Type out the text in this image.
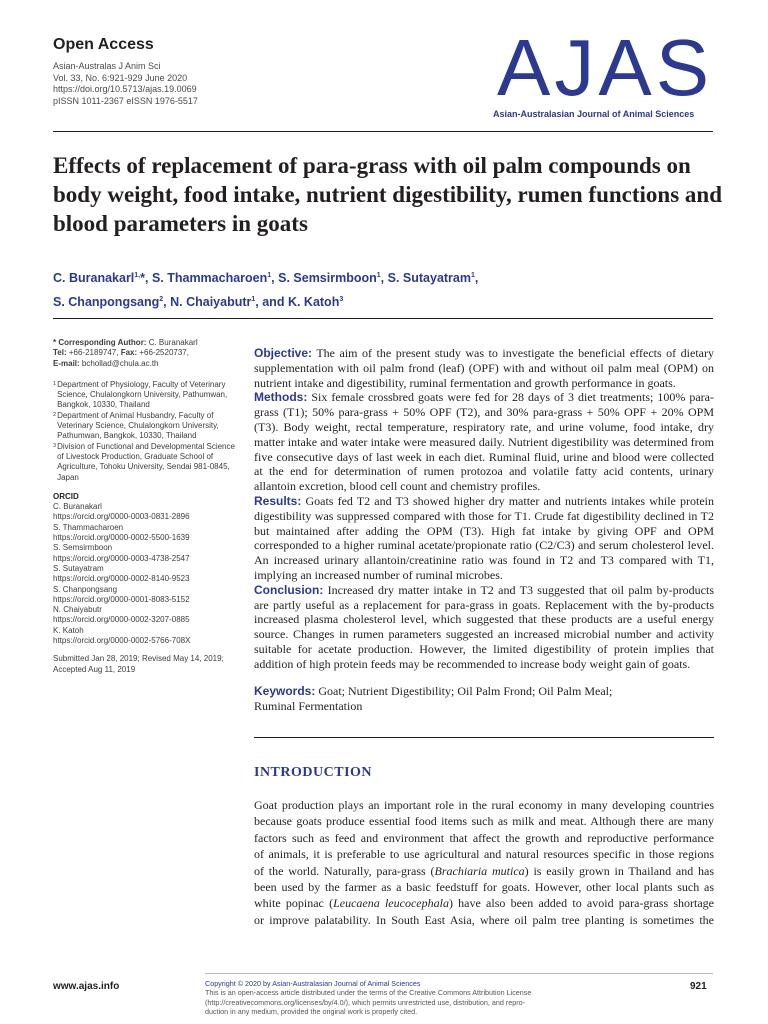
Open Access
Asian-Australas J Anim Sci
Vol. 33, No. 6:921-929 June 2020
https://doi.org/10.5713/ajas.19.0069
pISSN 1011-2367 eISSN 1976-5517	AJAS
Asian-Australasian Journal of Animal Sciences
Effects of replacement of para-grass with oil palm compounds on body weight, food intake, nutrient digestibility, rumen functions and blood parameters in goats
C. Buranakarl$^{1,}$*, S. Thammacharoen$^1$, S. Semsirmboon$^1$, S. Sutayatram$^1$,
S. Chanpongsang$^2$, N. Chaiyabutr$^1$, and K. Katoh$^3$
* Corresponding Author: C. Buranakarl
Tel: +66-2189747, Fax: +66-2520737,
E-mail: bchollad@chula.ac.th
1 Department of Physiology, Faculty of Veterinary Science, Chulalongkorn University, Pathumwan, Bangkok, 10330, Thailand
2 Department of Animal Husbandry, Faculty of Veterinary Science, Chulalongkorn University, Pathumwan, Bangkok, 10330, Thailand
3 Division of Functional and Developmental Science of Livestock Production, Graduate School of Agriculture, Tohoku University, Sendai 981-0845, Japan
ORCID
C. Buranakarl
https://orcid.org/0000-0003-0831-2896
S. Thammacharoen
https://orcid.org/0000-0002-5500-1639
S. Semsirmboon
https://orcid.org/0000-0003-4738-2547
S. Sutayatram
https://orcid.org/0000-0002-8140-9523
S. Chanpongsang
https://orcid.org/0000-0001-8083-5152
N. Chaiyabutr
https://orcid.org/0000-0002-3207-0885
K. Katoh
https://orcid.org/0000-0002-5766-708X
Submitted Jan 28, 2019; Revised May 14, 2019;
Accepted Aug 11, 2019
Objective: The aim of the present study was to investigate the beneficial effects of dietary supplementation with oil palm frond (leaf) (OPF) with and without oil palm meal (OPM) on nutrient intake and digestibility, ruminal fermentation and growth performance in goats.
Methods: Six female crossbred goats were fed for 28 days of 3 diet treatments; 100% para-grass (T1); 50% para-grass + 50% OPF (T2), and 30% para-grass + 50% OPF + 20% OPM (T3). Body weight, rectal temperature, respiratory rate, and urine volume, food intake, dry matter intake and water intake were measured daily. Nutrient digestibility was determined from five consecutive days of last week in each diet. Ruminal fluid, urine and blood were collected at the end for determination of rumen protozoa and volatile fatty acid contents, urinary allantoin excretion, blood cell count and chemistry profiles.
Results: Goats fed T2 and T3 showed higher dry matter and nutrients intakes while protein digestibility was suppressed compared with those for T1. Crude fat digestibility declined in T2 but maintained after adding the OPM (T3). High fat intake by giving OPF and OPM corresponded to a higher ruminal acetate/propionate ratio (C2/C3) and serum cholesterol level. An increased urinary allantoin/creatinine ratio was found in T2 and T3 compared with T1, implying an increased number of ruminal microbes.
Conclusion: Increased dry matter intake in T2 and T3 suggested that oil palm by-products are partly useful as a replacement for para-grass in goats. Replacement with the by-products increased plasma cholesterol level, which suggested that these products are a useful energy source. Changes in rumen parameters suggested an increased microbial number and activity suitable for acetate production. However, the limited digestibility of protein implies that addition of high protein feeds may be recommended to increase body weight gain of goats.
Keywords: Goat; Nutrient Digestibility; Oil Palm Frond; Oil Palm Meal;
Ruminal Fermentation
INTRODUCTION
Goat production plays an important role in the rural economy in many developing countries
because goats produce essential food items such as milk and meat. Although there are many
factors such as feed and environment that affect the growth and reproductive performance
of animals, it is preferable to use agricultural and natural resources specific in those regions
of the world. Naturally, para-grass (Brachiaria mutica) is easily grown in Thailand and has
been used by the farmer as a basic feedstuff for goats. However, other local plants such as
white popinac (Leucaena leucocephala) have also been added to avoid para-grass shortage
or improve palatability. In South East Asia, where oil palm tree planting is sometimes the
www.ajas.info	Copyright © 2020 by Asian-Australasian Journal of Animal Sciences
This is an open-access article distributed under the terms of the Creative Commons Attribution License
(http://creativecommons.org/licenses/by/4.0/), which permits unrestricted use, distribution, and repro-
duction in any medium, provided the original work is properly cited.
921
